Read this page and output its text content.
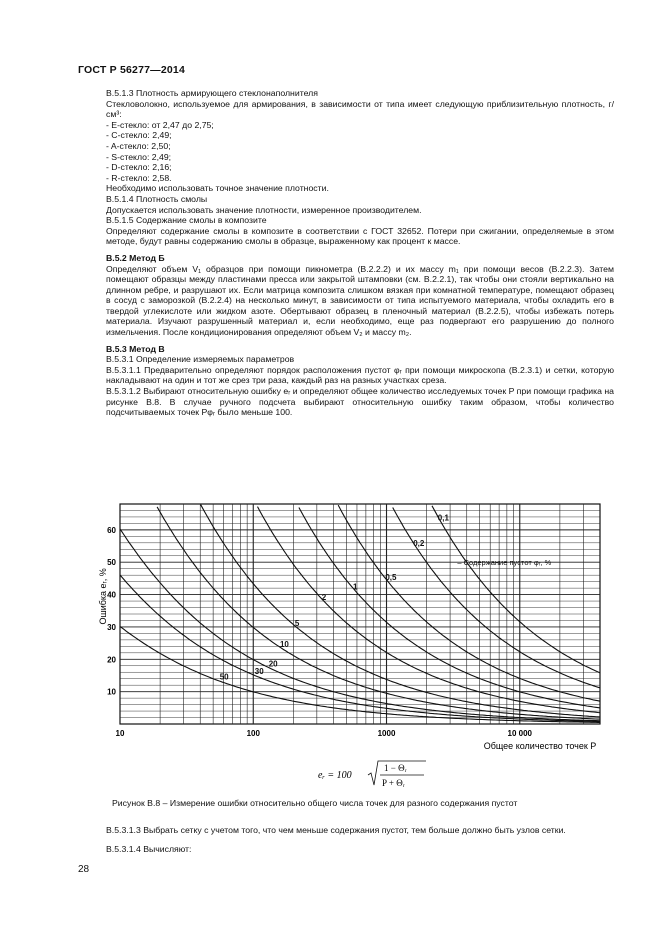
ГОСТ Р 56277—2014

В.5.1.3 Плотность армирующего стеклонаполнителя

Стекловолокно, используемое для армирования, в зависимости от типа имеет следующую приблизительную плотность, г/см³:

- E-стекло: от 2,47 до 2,75;

- C-стекло: 2,49;

- A-стекло: 2,50;

- S-стекло: 2,49;

- D-стекло: 2,16;

- R-стекло: 2,58.

Необходимо использовать точное значение плотности.

В.5.1.4 Плотность смолы

Допускается использовать значение плотности, измеренное производителем.

В.5.1.5 Содержание смолы в композите

Определяют содержание смолы в композите в соответствии с ГОСТ 32652. Потери при сжигании, определяемые в этом методе, будут равны содержанию смолы в образце, выраженному как процент к массе.

В.5.2 Метод Б

Определяют объем V₁ образцов при помощи пикнометра (В.2.2.2) и их массу m₁ при помощи весов (В.2.2.3). Затем помещают образцы между пластинами пресса или закрытой штамповки (см. В.2.2.1), так чтобы они стояли вертикально на длинном ребре, и разрушают их. Если матрица композита слишком вязкая при комнатной температуре, помещают образец в сосуд с заморозкой (В.2.2.4) на несколько минут, в зависимости от типа испытуемого материала, чтобы охладить его в твердой углекислоте или жидком азоте. Обертывают образец в пленочный материал (В.2.2.5), чтобы избежать потерь материала. Изучают разрушенный материал и, если необходимо, еще раз подвергают его разрушению до полного измельчения. После кондиционирования определяют объем V₂ и массу m₂.

В.5.3 Метод В

В.5.3.1 Определение измеряемых параметров

В.5.3.1.1 Предварительно определяют порядок расположения пустот φᵣ при помощи микроскопа (В.2.3.1) и сетки, которую накладывают на один и тот же срез три раза, каждый раз на разных участках среза.

В.5.3.1.2 Выбирают относительную ошибку eᵣ и определяют общее количество исследуемых точек P при помощи графика на рисунке В.8. В случае ручного подсчета выбирают относительную ошибку таким образом, чтобы количество подсчитываемых точек Pφᵣ было меньше 100.

10
20
30
40
50
60
10	100	1000	10 000
Ошибка eᵣ, %
Общее количество точек P
50
30
20
10
5
2
1
0,5
0,2
0,1
– Содержание пустот φᵣ, %
eᵣ = 100
1 − Θᵣ
P + Θᵣ
Рисунок В.8 – Измерение ошибки относительно общего числа точек для разного содержания пустот

В.5.3.1.3 Выбрать сетку с учетом того, что чем меньше содержания пустот, тем больше должно быть узлов сетки.

В.5.3.1.4 Вычисляют:

28
